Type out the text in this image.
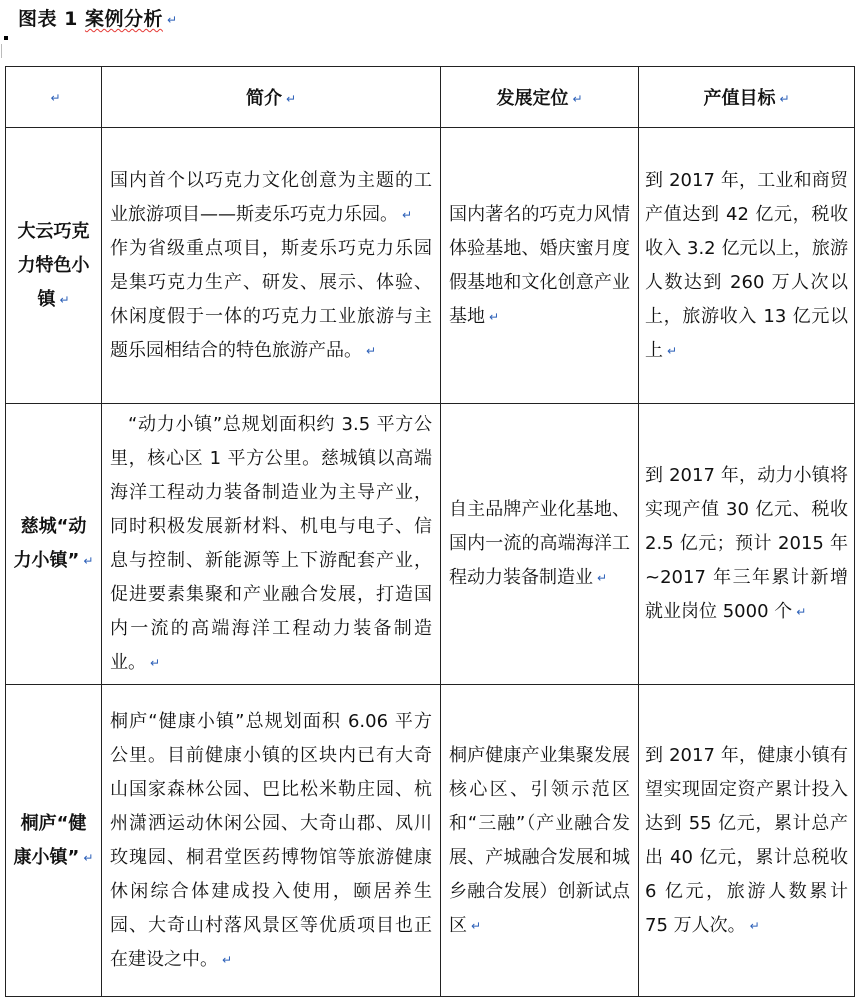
图表 1 案例分析 ↵
↵	简介 ↵	发展定位 ↵	产值目标 ↵
大云巧克力特色小镇 ↵	国内首个以巧克力文化创意为主题的工业旅游项目——斯麦乐巧克力乐园。 ↵
作为省级重点项目，斯麦乐巧克力乐园是集巧克力生产、研发、展示、体验、休闲度假于一体的巧克力工业旅游与主题乐园相结合的特色旅游产品。 ↵	国内著名的巧克力风情体验基地、婚庆蜜月度假基地和文化创意产业基地 ↵	到 2017 年，工业和商贸产值达到 42 亿元，税收收入 3.2 亿元以上，旅游人数达到 260 万人次以上，旅游收入 13 亿元以上 ↵
慈城“动力小镇” ↵	“动力小镇”总规划面积约 3.5 平方公里，核心区 1 平方公里。慈城镇以高端海洋工程动力装备制造业为主导产业，同时积极发展新材料、机电与电子、信息与控制、新能源等上下游配套产业，促进要素集聚和产业融合发展，打造国内一流的高端海洋工程动力装备制造业。 ↵	自主品牌产业化基地、国内一流的高端海洋工程动力装备制造业 ↵	到 2017 年，动力小镇将实现产值 30 亿元、税收 2.5 亿元；预计 2015 年~2017 年三年累计新增就业岗位 5000 个 ↵
桐庐“健康小镇” ↵	桐庐“健康小镇”总规划面积 6.06 平方公里。目前健康小镇的区块内已有大奇山国家森林公园、巴比松米勒庄园、杭州潇洒运动休闲公园、大奇山郡、凤川玫瑰园、桐君堂医药博物馆等旅游健康休闲综合体建成投入使用，颐居养生园、大奇山村落风景区等优质项目也正在建设之中。 ↵	桐庐健康产业集聚发展核心区、引领示范区和“三融”（产业融合发展、产城融合发展和城乡融合发展）创新试点区 ↵	到 2017 年，健康小镇有望实现固定资产累计投入达到 55 亿元，累计总产出 40 亿元，累计总税收 6 亿元，旅游人数累计 75 万人次。 ↵
